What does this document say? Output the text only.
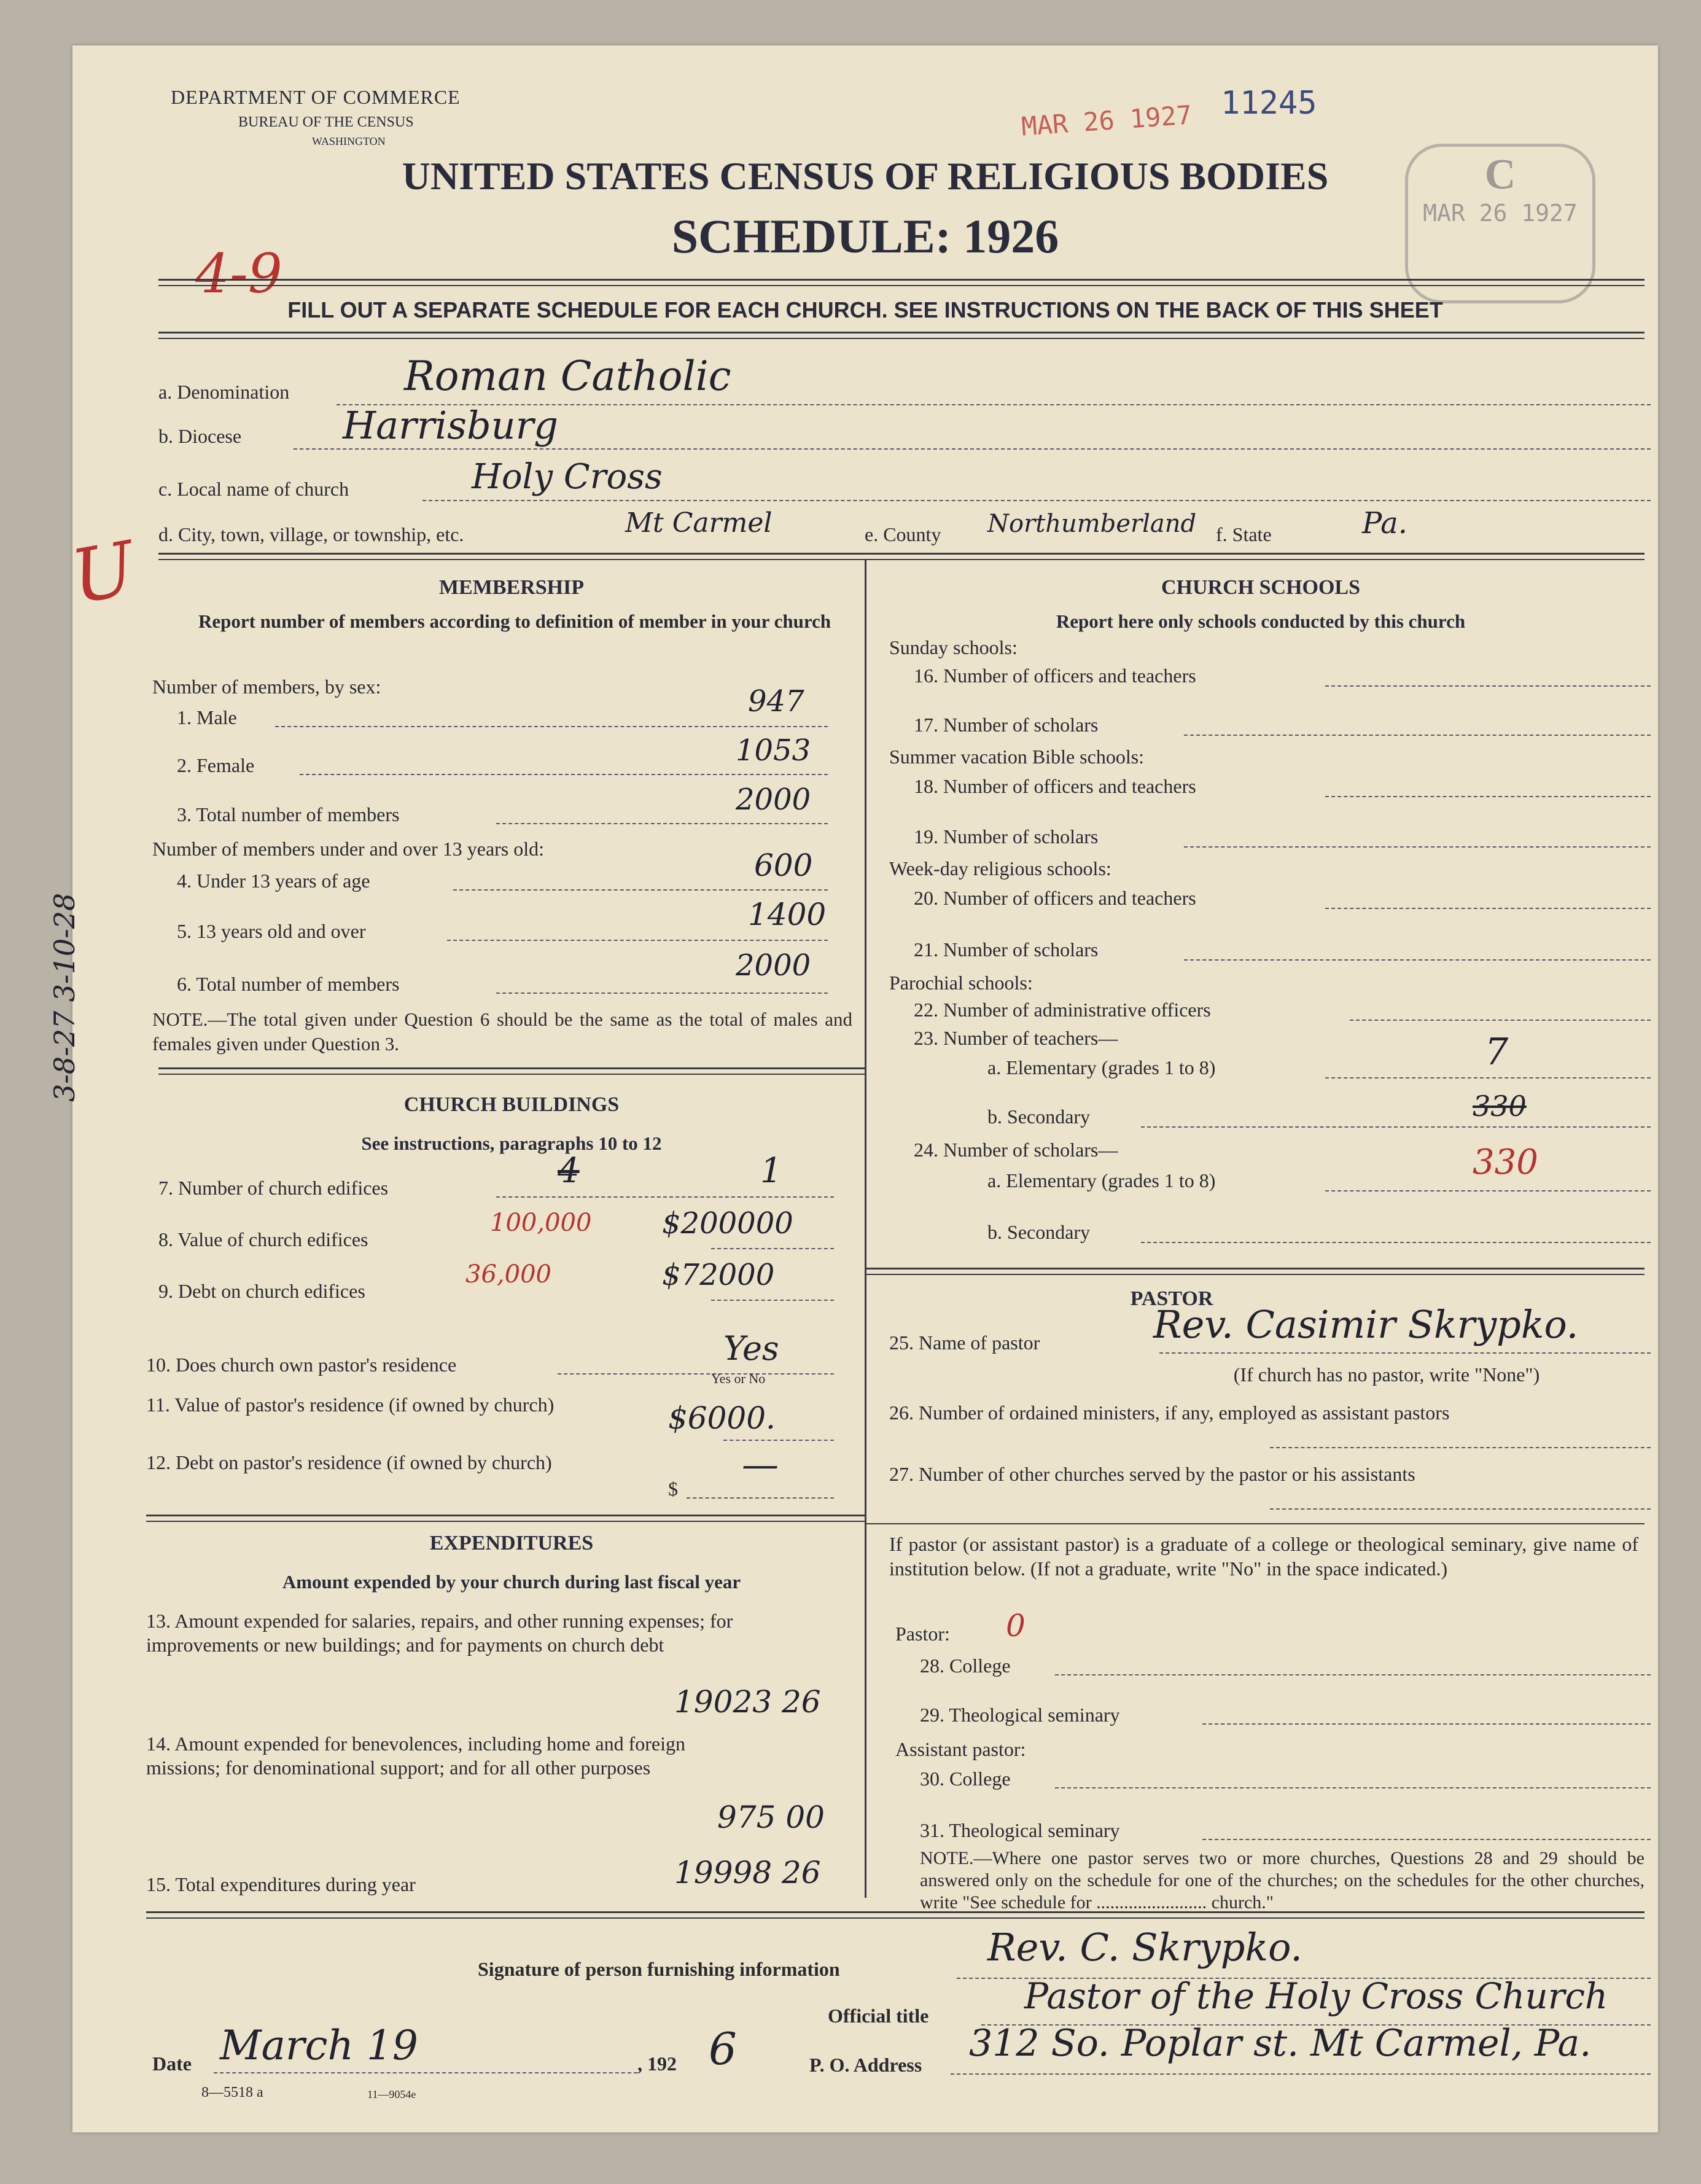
DEPARTMENT OF COMMERCE
BUREAU OF THE CENSUS
WASHINGTON	MAR 26 1927 11245
C
MAR 26 1927
UNITED STATES CENSUS OF RELIGIOUS BODIES
SCHEDULE: 1926
4-9
FILL OUT A SEPARATE SCHEDULE FOR EACH CHURCH. SEE INSTRUCTIONS ON THE BACK OF THIS SHEET
a. Denomination	Roman Catholic
b. Diocese	Harrisburg
c. Local name of church	Holy Cross
d. City, town, village, or township, etc.	Mt Carmel	e. County Northumberland f. State	Pa.
U
3-8-27 3-10-28
MEMBERSHIP
Report number of members according to definition of member in your church
Number of members, by sex:
1. Male	947
2. Female	1053
3. Total number of members	2000
Number of members under and over 13 years old:
4. Under 13 years of age	600
5. 13 years old and over	1400
6. Total number of members
2000
NOTE.—The total given under Question 6 should be the same as the total of males and females given under Question 3.
CHURCH BUILDINGS
See instructions, paragraphs 10 to 12
7. Number of church edifices	4	1
8. Value of church edifices
100,000 $200000
9. Debt on church edifices
36,000	$72000
10. Does church own pastor's residence	Yes
Yes or No
11. Value of pastor's residence (if owned by church)	$6000.
12. Debt on pastor's residence (if owned by church)
$
—
EXPENDITURES
Amount expended by your church during last fiscal year
13. Amount expended for salaries, repairs, and other running expenses; for improvements or new buildings; and for payments on church debt
19023 26
14. Amount expended for benevolences, including home and foreign missions; for denominational support; and for all other purposes
975 00
15. Total expenditures during year	19998 26
CHURCH SCHOOLS
Report here only schools conducted by this church
Sunday schools:
16. Number of officers and teachers
17. Number of scholars
Summer vacation Bible schools:
18. Number of officers and teachers
19. Number of scholars
Week-day religious schools:
20. Number of officers and teachers
21. Number of scholars
Parochial schools:
22. Number of administrative officers
23. Number of teachers—
a. Elementary (grades 1 to 8)	7
b. Secondary	330
24. Number of scholars—
a. Elementary (grades 1 to 8)	330
b. Secondary
PASTOR
25. Name of pastor	Rev. Casimir Skrypko.
(If church has no pastor, write "None")
26. Number of ordained ministers, if any, employed as assistant pastors
27. Number of other churches served by the pastor or his assistants
If pastor (or assistant pastor) is a graduate of a college or theological seminary, give name of institution below. (If not a graduate, write "No" in the space indicated.)
Pastor: 0
28. College
29. Theological seminary
Assistant pastor:
30. College
31. Theological seminary
NOTE.—Where one pastor serves two or more churches, Questions 28 and 29 should be answered only on the schedule for one of the churches; on the schedules for the other churches, write "See schedule for ........................ church."
Signature of person furnishing information	Rev. C. Skrypko.
Official title	Pastor of the Holy Cross Church
Date March 19	, 192 6	P. O. Address 312 So. Poplar st. Mt Carmel, Pa.
8—5518 a	11—9054e
